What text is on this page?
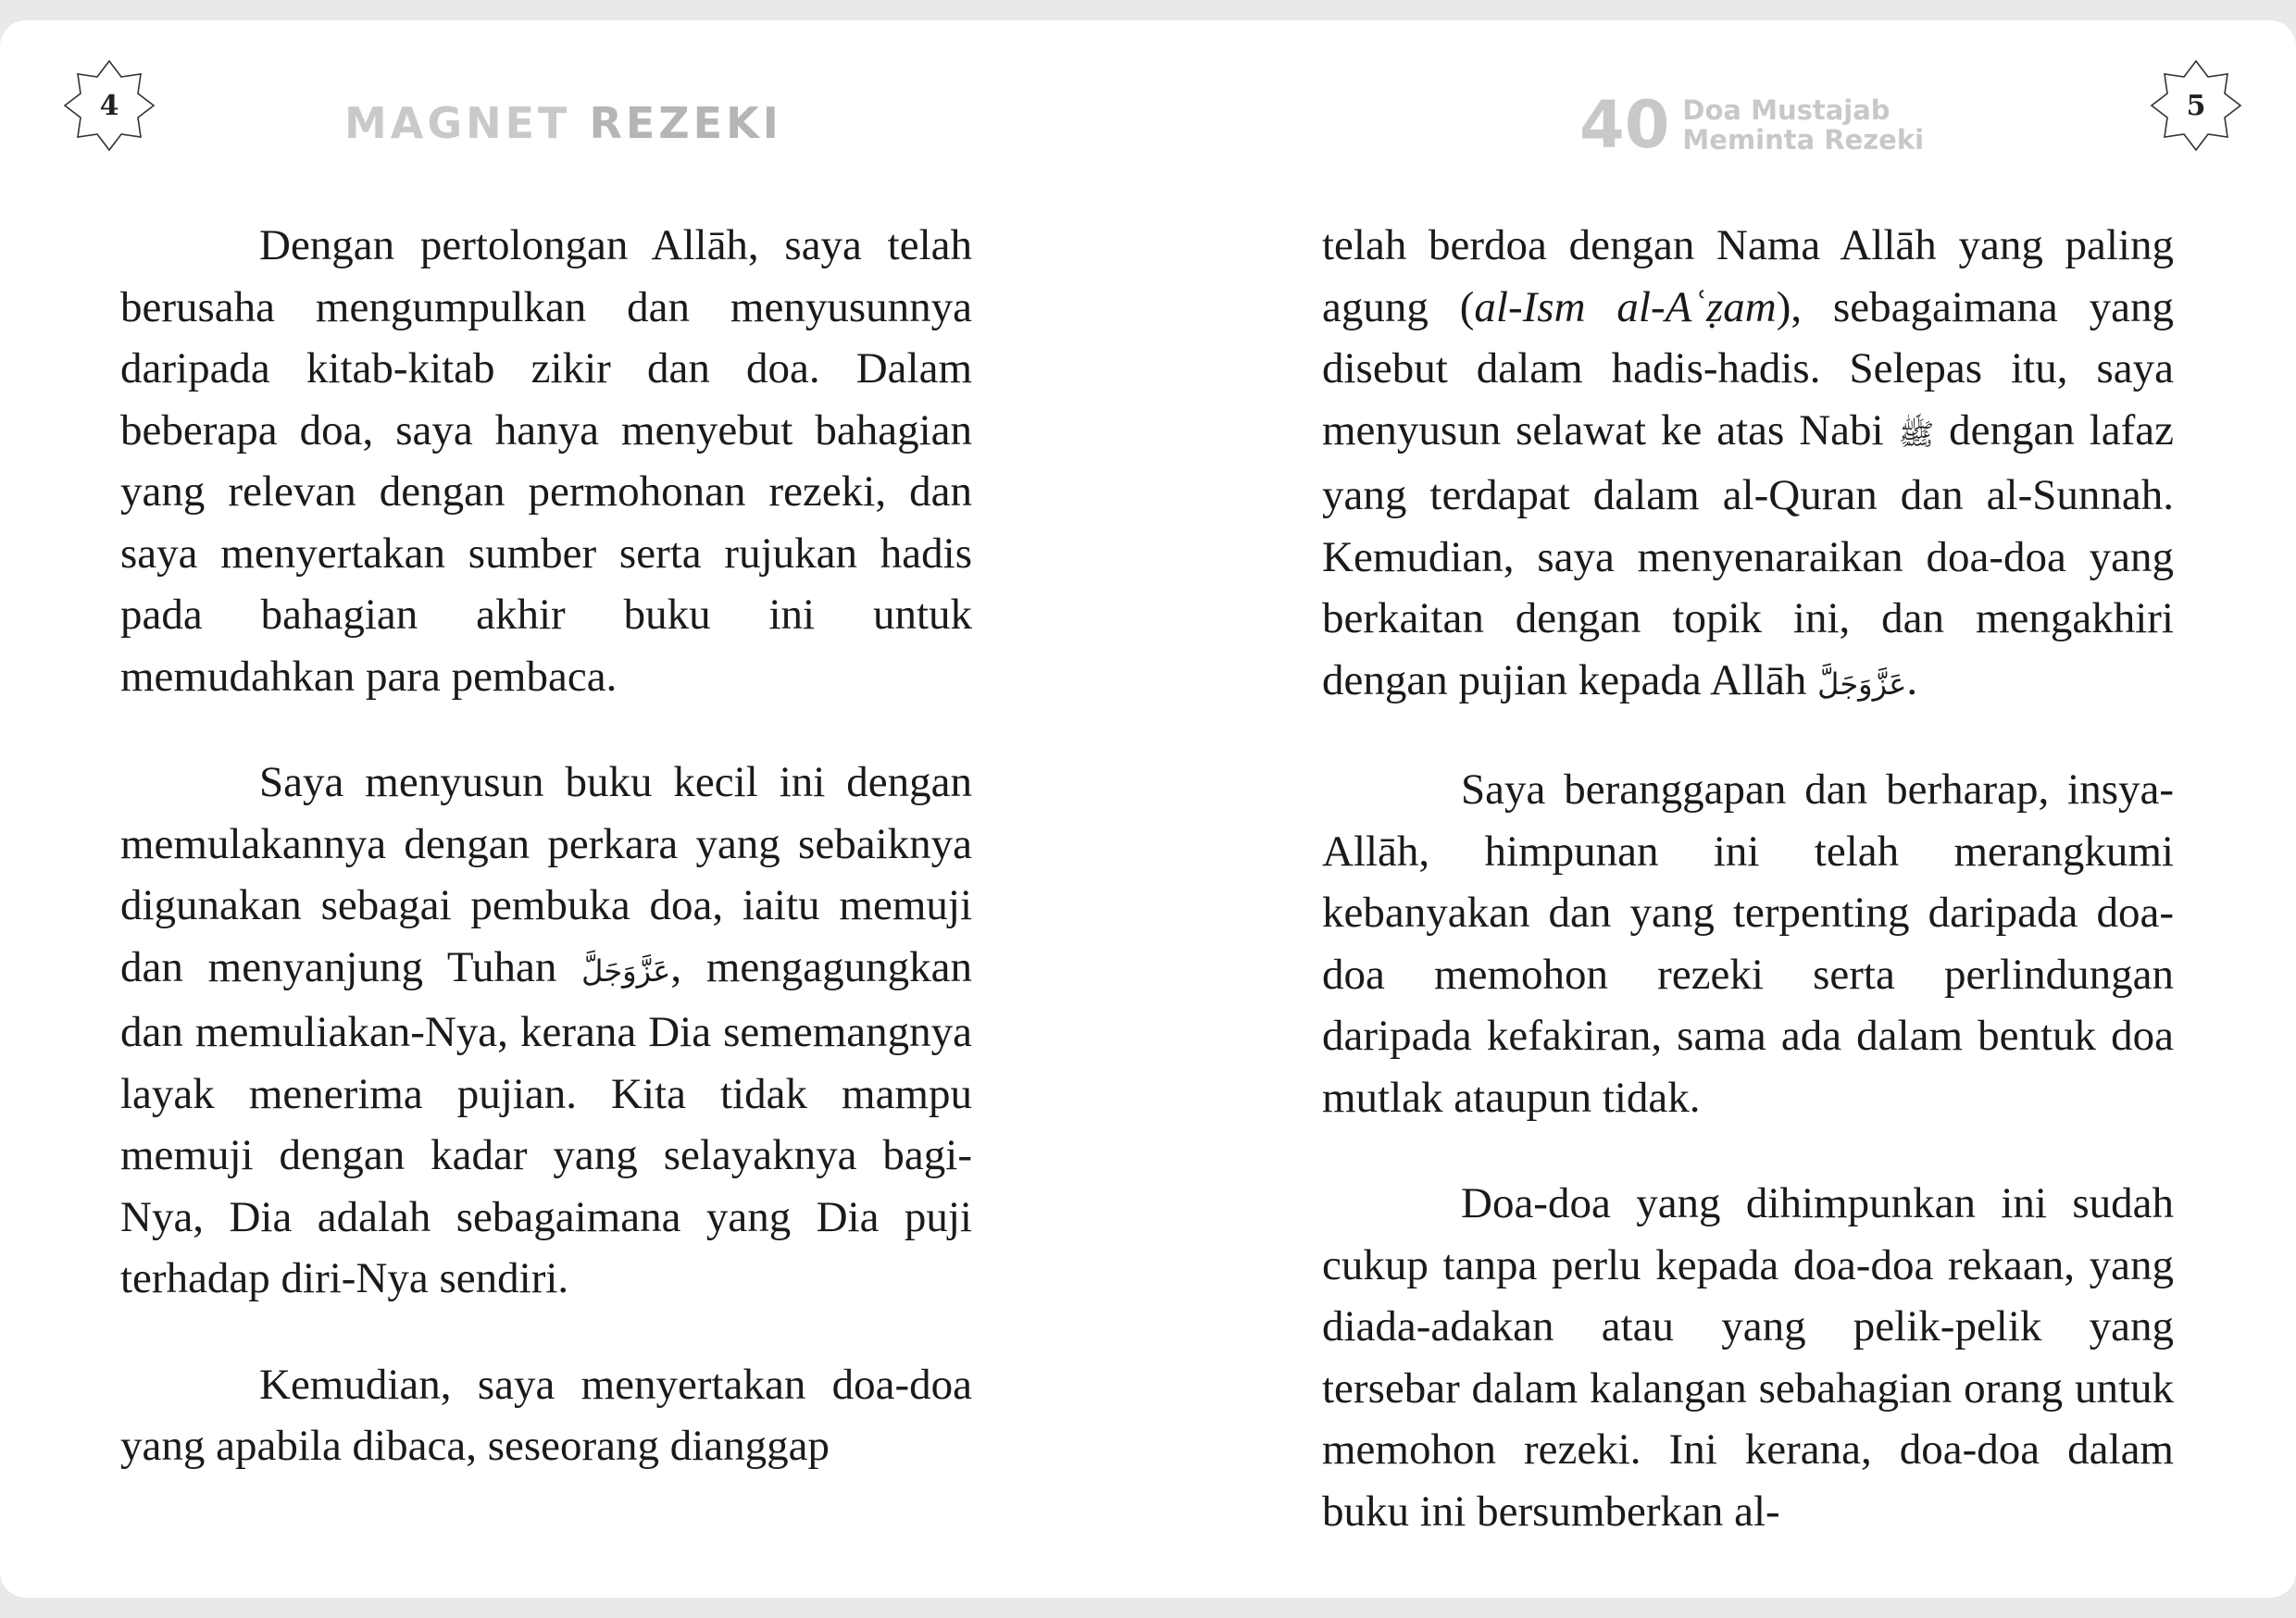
4	MAGNET REZEKI

Dengan pertolongan Allāh, saya telah berusaha mengumpulkan dan menyusunnya daripada kitab-kitab zikir dan doa. Dalam beberapa doa, saya hanya menyebut bahagian yang relevan dengan permohonan rezeki, dan saya menyertakan sumber serta rujukan hadis pada bahagian akhir buku ini untuk memudahkan para pembaca.

Saya menyusun buku kecil ini dengan memulakannya dengan perkara yang sebaiknya digunakan sebagai pembuka doa, iaitu memuji dan menyanjung Tuhan عَزَّوَجَلَّ, mengagungkan dan memuliakan-Nya, kerana Dia sememangnya layak menerima pujian. Kita tidak mampu memuji dengan kadar yang selayaknya bagi-Nya, Dia adalah sebagaimana yang Dia puji terhadap diri-Nya sendiri.

Kemudian, saya menyertakan doa-doa yang apabila dibaca, seseorang dianggap

40 Doa Mustajab
Meminta Rezeki
5

telah berdoa dengan Nama Allāh yang paling agung (al-Ism al-Aʿẓam), sebagaimana yang disebut dalam hadis-hadis. Selepas itu, saya menyusun selawat ke atas Nabi ﷺ dengan lafaz yang terdapat dalam al-Quran dan al-Sunnah. Kemudian, saya menyenaraikan doa-doa yang berkaitan dengan topik ini, dan mengakhiri dengan pujian kepada Allāh عَزَّوَجَلَّ.

Saya beranggapan dan berharap, insya-Allāh, himpunan ini telah merangkumi kebanyakan dan yang terpenting daripada doa-doa memohon rezeki serta perlindungan daripada kefakiran, sama ada dalam bentuk doa mutlak ataupun tidak.

Doa-doa yang dihimpunkan ini sudah cukup tanpa perlu kepada doa-doa rekaan, yang diada-adakan atau yang pelik-pelik yang tersebar dalam kalangan sebahagian orang untuk memohon rezeki. Ini kerana, doa-doa dalam buku ini bersumberkan al-
